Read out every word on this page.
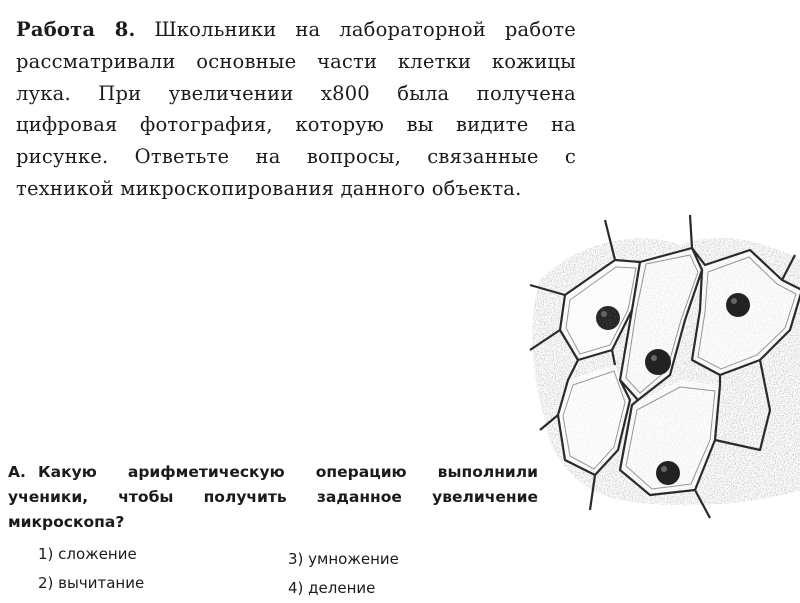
Работа 8. Школьники на лабораторной работе рассматривали основные части клетки кожицы лука. При увеличении x800 была получена цифровая фотография, которую вы видите на рисунке. Ответьте на вопросы, связанные с техникой микроскопирования данного объекта.
А. Какую арифметическую операцию выполнили ученики, чтобы получить заданное увеличение микроскопа?
1) сложение
2) вычитание
3) умножение
4) деление
